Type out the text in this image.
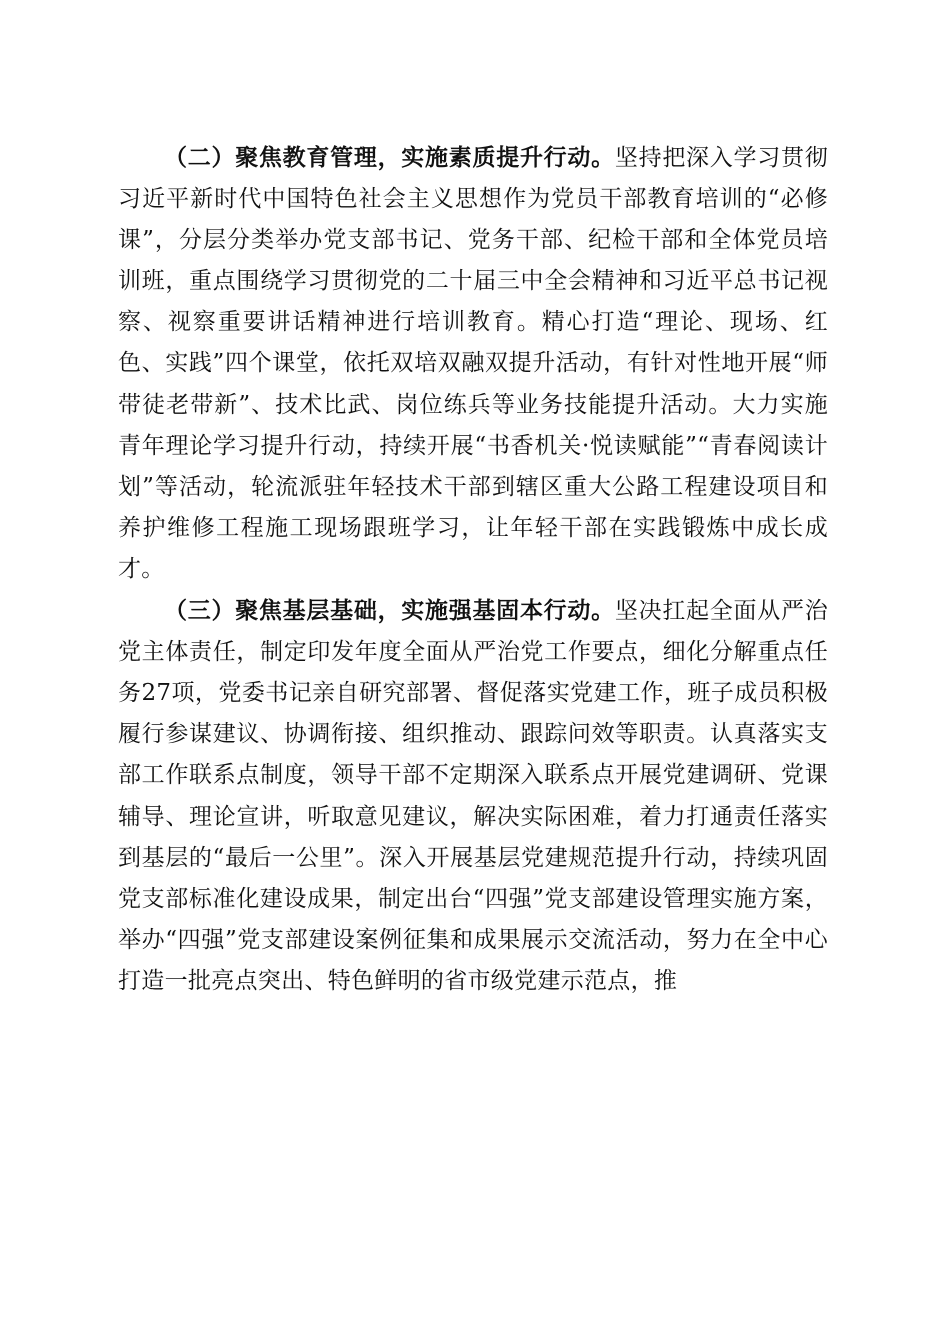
（二）聚焦教育管理，实施素质提升行动。坚持把深入学习贯彻习近平新时代中国特色社会主义思想作为党员干部教育培训的“必修课”，分层分类举办党支部书记、党务干部、纪检干部和全体党员培训班，重点围绕学习贯彻党的二十届三中全会精神和习近平总书记视察、视察重要讲话精神进行培训教育。精心打造“理论、现场、红色、实践”四个课堂，依托双培双融双提升活动，有针对性地开展“师带徒老带新”、技术比武、岗位练兵等业务技能提升活动。大力实施青年理论学习提升行动，持续开展“书香机关·悦读赋能”“青春阅读计划”等活动，轮流派驻年轻技术干部到辖区重大公路工程建设项目和养护维修工程施工现场跟班学习，让年轻干部在实践锻炼中成长成才。

（三）聚焦基层基础，实施强基固本行动。坚决扛起全面从严治党主体责任，制定印发年度全面从严治党工作要点，细化分解重点任务27项，党委书记亲自研究部署、督促落实党建工作，班子成员积极履行参谋建议、协调衔接、组织推动、跟踪问效等职责。认真落实支部工作联系点制度，领导干部不定期深入联系点开展党建调研、党课辅导、理论宣讲，听取意见建议，解决实际困难，着力打通责任落实到基层的“最后一公里”。深入开展基层党建规范提升行动，持续巩固党支部标准化建设成果，制定出台“四强”党支部建设管理实施方案，举办“四强”党支部建设案例征集和成果展示交流活动，努力在全中心打造一批亮点突出、特色鲜明的省市级党建示范点，推
